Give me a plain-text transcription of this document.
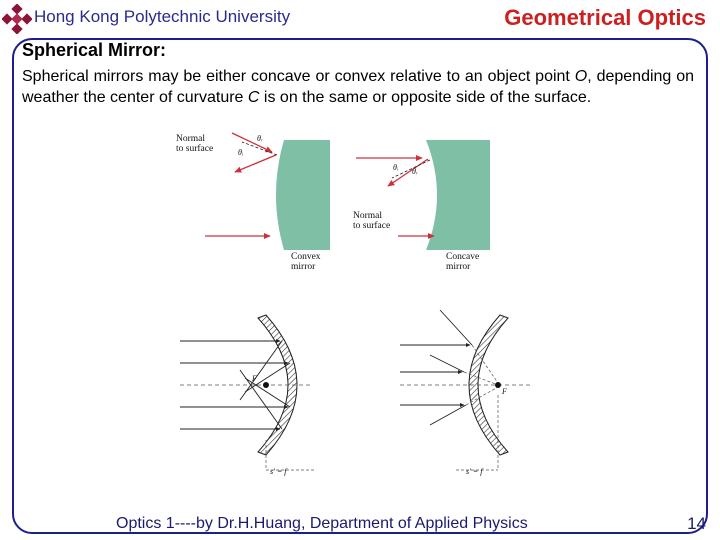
Hong Kong Polytechnic University	Geometrical Optics
Spherical Mirror:
Spherical mirrors may be either concave or convex relative to an object point O, depending on weather the center of curvature C is on the same or opposite side of the surface.
Normal
to surface
θᵣ
θᵢ
Convex
mirror
θᵢ θᵣ
Normal
to surface
Concave
mirror
F
s' = f
F
s' = f
Optics 1----by Dr.H.Huang, Department of Applied Physics	14
